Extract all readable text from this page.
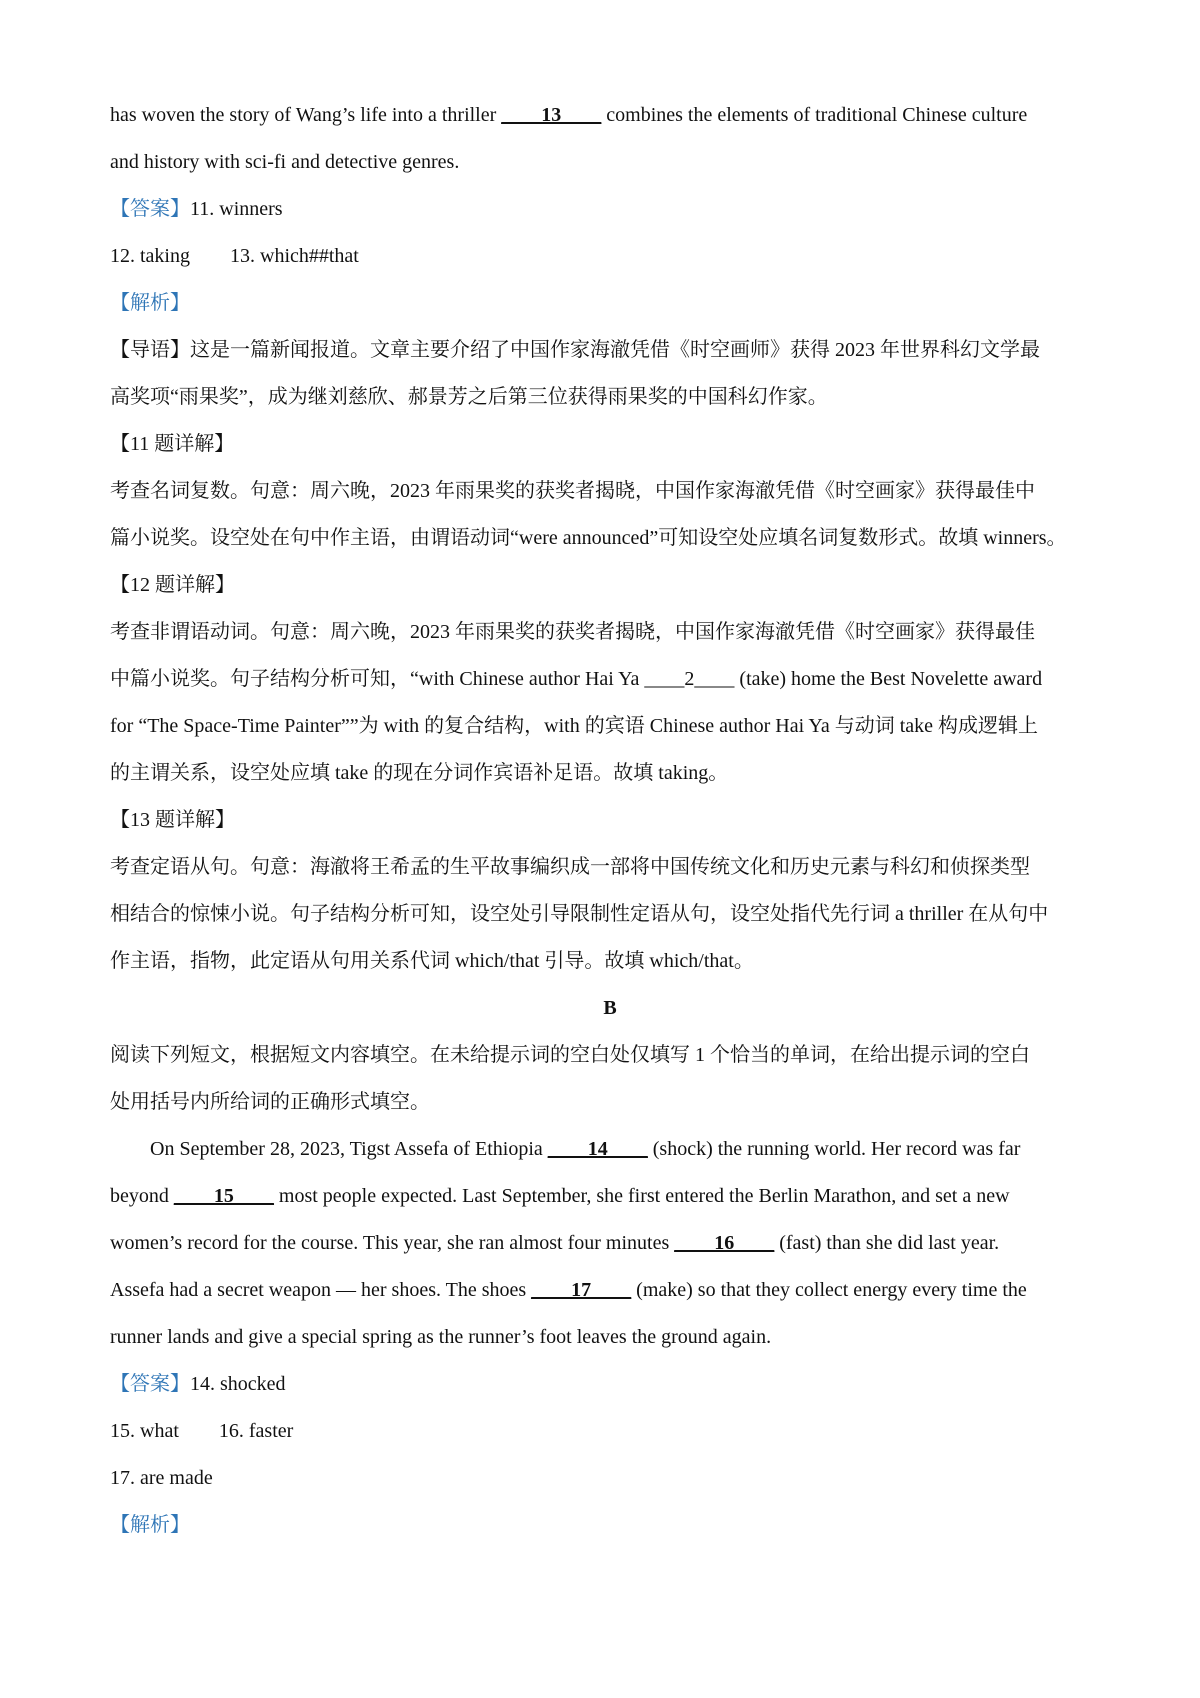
has woven the story of Wang’s life into a thriller ____13____ combines the elements of traditional Chinese culture
and history with sci-fi and detective genres.
【答案】11. winners
12. taking 13. which##that
【解析】
【导语】这是一篇新闻报道。文章主要介绍了中国作家海澈凭借《时空画师》获得 2023 年世界科幻文学最
高奖项“雨果奖”，成为继刘慈欣、郝景芳之后第三位获得雨果奖的中国科幻作家。
【11 题详解】
考查名词复数。句意：周六晚，2023 年雨果奖的获奖者揭晓，中国作家海澈凭借《时空画家》获得最佳中
篇小说奖。设空处在句中作主语，由谓语动词“were announced”可知设空处应填名词复数形式。故填 winners。
【12 题详解】
考查非谓语动词。句意：周六晚，2023 年雨果奖的获奖者揭晓，中国作家海澈凭借《时空画家》获得最佳
中篇小说奖。句子结构分析可知，“with Chinese author Hai Ya ____2____ (take) home the Best Novelette award
for “The Space-Time Painter””为 with 的复合结构，with 的宾语 Chinese author Hai Ya 与动词 take 构成逻辑上
的主谓关系，设空处应填 take 的现在分词作宾语补足语。故填 taking。
【13 题详解】
考查定语从句。句意：海澈将王希孟的生平故事编织成一部将中国传统文化和历史元素与科幻和侦探类型
相结合的惊悚小说。句子结构分析可知，设空处引导限制性定语从句，设空处指代先行词 a thriller 在从句中
作主语，指物，此定语从句用关系代词 which/that 引导。故填 which/that。
B
阅读下列短文，根据短文内容填空。在未给提示词的空白处仅填写 1 个恰当的单词，在给出提示词的空白
处用括号内所给词的正确形式填空。
On September 28, 2023, Tigst Assefa of Ethiopia ____14____ (shock) the running world. Her record was far
beyond ____15____ most people expected. Last September, she first entered the Berlin Marathon, and set a new
women’s record for the course. This year, she ran almost four minutes ____16____ (fast) than she did last year.
Assefa had a secret weapon — her shoes. The shoes ____17____ (make) so that they collect energy every time the
runner lands and give a special spring as the runner’s foot leaves the ground again.
【答案】14. shocked
15. what 16. faster
17. are made
【解析】
